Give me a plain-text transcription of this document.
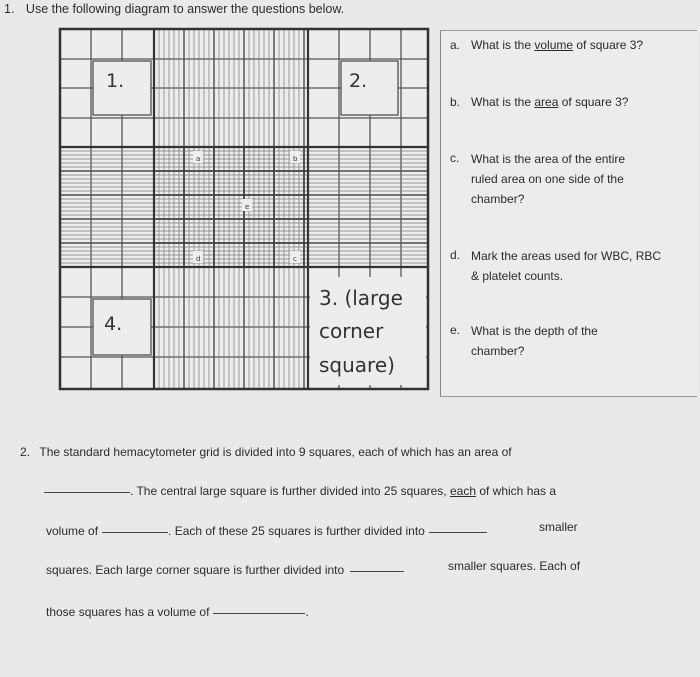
1. Use the following diagram to answer the questions below.
1.	2.
4.
3. (large
corner
square)
a	b
e
d	c
a. What is the volume of square 3?
b. What is the area of square 3?
c. What is the area of the entire
ruled area on one side of the
chamber?
d. Mark the areas used for WBC, RBC
& platelet counts.
e. What is the depth of the
chamber?
2. The standard hemacytometer grid is divided into 9 squares, each of which has an area of
. The central large square is further divided into 25 squares, each of which has a
volume of	. Each of these 25 squares is further divided into	smaller
squares. Each large corner square is further divided into	smaller squares. Each of
those squares has a volume of	.
